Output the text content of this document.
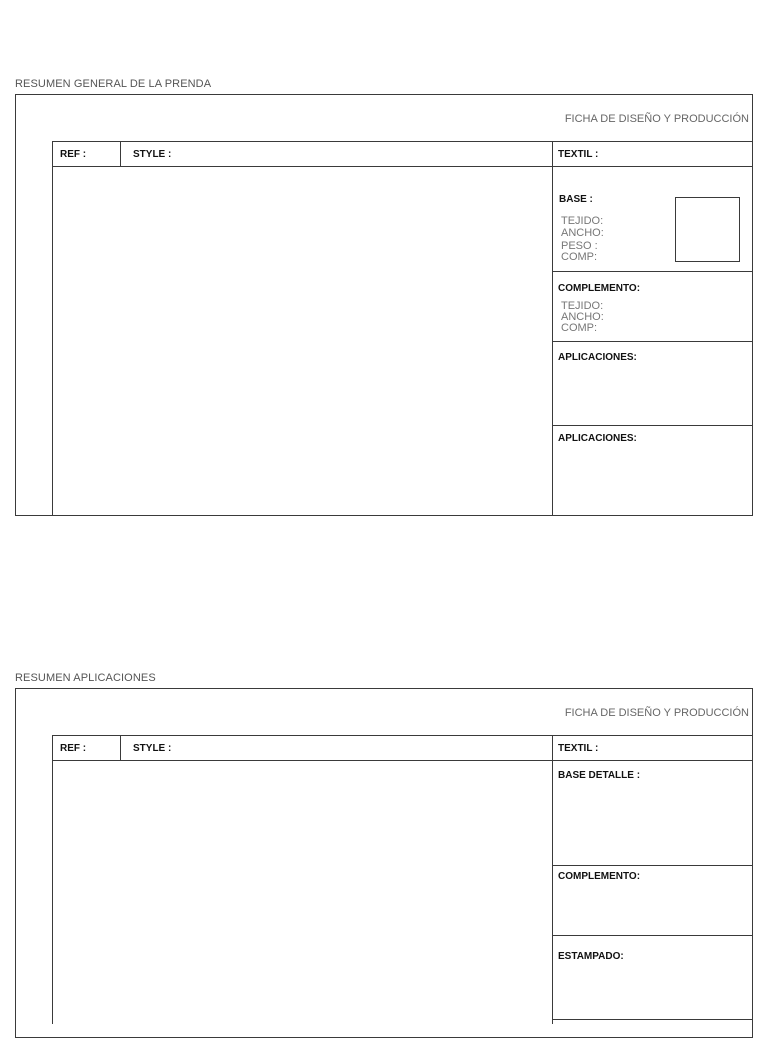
RESUMEN GENERAL DE LA PRENDA
FICHA DE DISEÑO Y PRODUCCIÓN
REF :	STYLE :	TEXTIL :
BASE :
TEJIDO:
ANCHO:
PESO :
COMP:
COMPLEMENTO:
TEJIDO:
ANCHO:
COMP:
APLICACIONES:
APLICACIONES:
RESUMEN APLICACIONES
FICHA DE DISEÑO Y PRODUCCIÓN
REF :	STYLE :	TEXTIL :
BASE DETALLE :
COMPLEMENTO:
ESTAMPADO:
